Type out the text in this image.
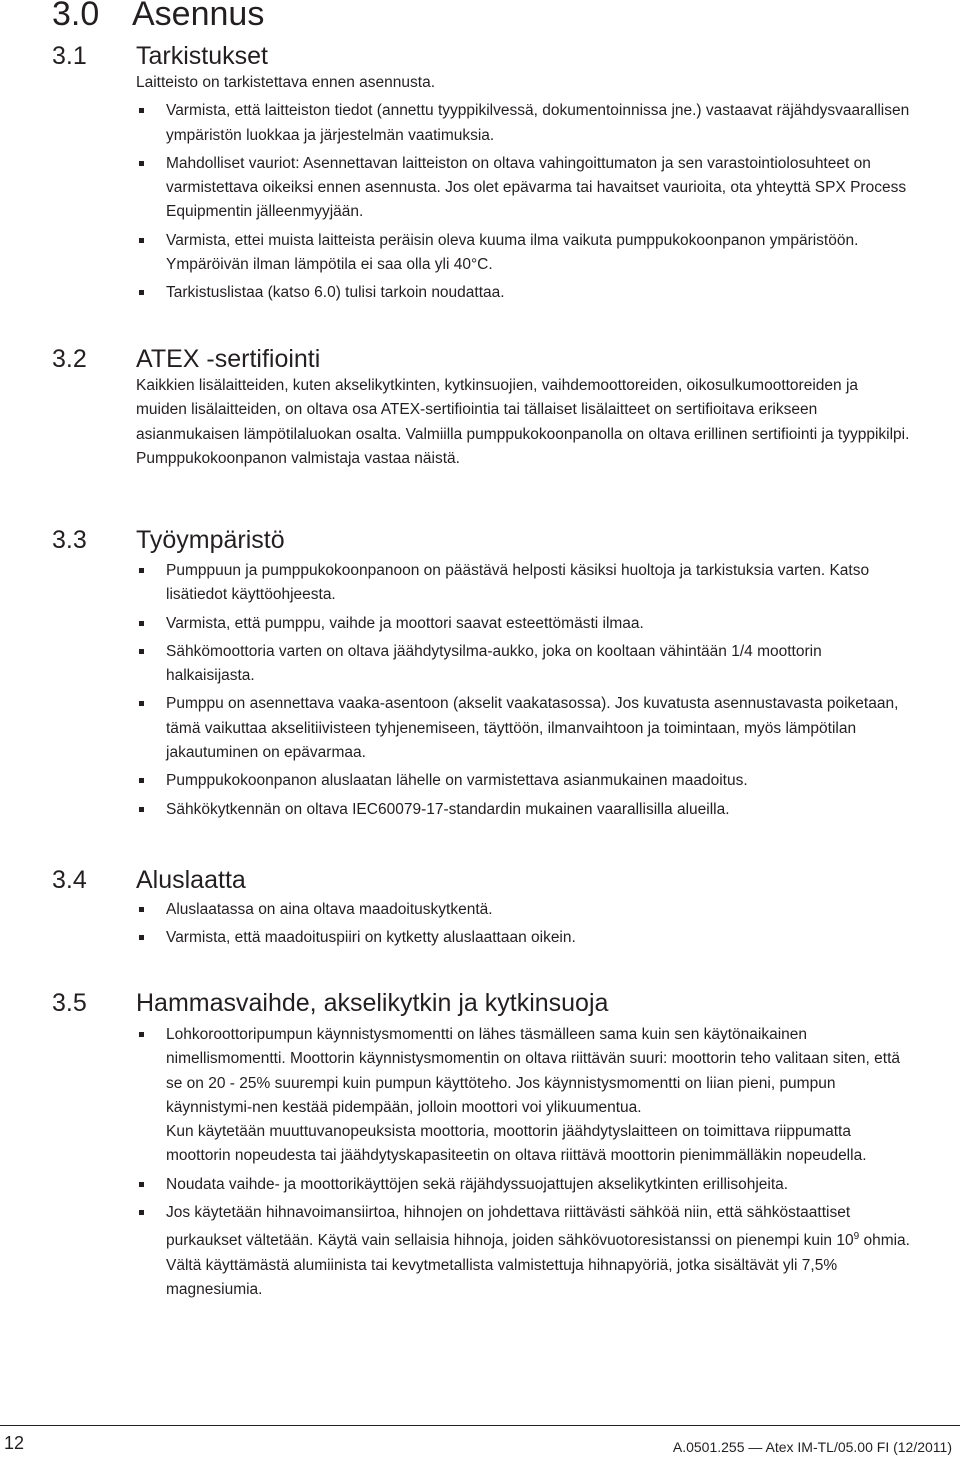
3.0 Asennus
3.1 Tarkistukset

Laitteisto on tarkistettava ennen asennusta.

Varmista, että laitteiston tiedot (annettu tyyppikilvessä, dokumentoinnissa jne.) vastaavat räjähdysvaarallisen ympäristön luokkaa ja järjestelmän vaatimuksia.
Mahdolliset vauriot: Asennettavan laitteiston on oltava vahingoittumaton ja sen varastointiolosuhteet on varmistettava oikeiksi ennen asennusta. Jos olet epävarma tai havaitset vaurioita, ota yhteyttä SPX Process Equipmentin jälleenmyyjään.
Varmista, ettei muista laitteista peräisin oleva kuuma ilma vaikuta pumppukokoonpanon ympäristöön. Ympäröivän ilman lämpötila ei saa olla yli 40°C.
Tarkistuslistaa (katso 6.0) tulisi tarkoin noudattaa.
3.2 ATEX -sertifiointi

Kaikkien lisälaitteiden, kuten akselikytkinten, kytkinsuojien, vaihdemoottoreiden, oikosulkumoottoreiden ja muiden lisälaitteiden, on oltava osa ATEX-sertifiointia tai tällaiset lisälaitteet on sertifioitava erikseen asianmukaisen lämpötilaluokan osalta. Valmiilla pumppukokoonpanolla on oltava erillinen sertifiointi ja tyyppikilpi. Pumppukokoonpanon valmistaja vastaa näistä.

3.3 Työympäristö
Pumppuun ja pumppukokoonpanoon on päästävä helposti käsiksi huoltoja ja tarkistuksia varten. Katso lisätiedot käyttöohjeesta.
Varmista, että pumppu, vaihde ja moottori saavat esteettömästi ilmaa.
Sähkömoottoria varten on oltava jäähdytysilma-aukko, joka on kooltaan vähintään 1/4 moottorin halkaisijasta.
Pumppu on asennettava vaaka-asentoon (akselit vaakatasossa). Jos kuvatusta asennustavasta poiketaan, tämä vaikuttaa akselitiivisteen tyhjenemiseen, täyttöön, ilmanvaihtoon ja toimintaan, myös lämpötilan jakautuminen on epävarmaa.
Pumppukokoonpanon aluslaatan lähelle on varmistettava asianmukainen maadoitus.
Sähkökytkennän on oltava IEC60079-17-standardin mukainen vaarallisilla alueilla.
3.4 Aluslaatta
Aluslaatassa on aina oltava maadoituskytkentä.
Varmista, että maadoituspiiri on kytketty aluslaattaan oikein.
3.5 Hammasvaihde, akselikytkin ja kytkinsuoja
Lohkoroottoripumpun käynnistysmomentti on lähes täsmälleen sama kuin sen käytönaikainen nimellismomentti. Moottorin käynnistysmomentin on oltava riittävän suuri: moottorin teho valitaan siten, että se on 20 - 25% suurempi kuin pumpun käyttöteho. Jos käynnistysmomentti on liian pieni, pumpun käynnistymi-nen kestää pidempään, jolloin moottori voi ylikuumentua.
Kun käytetään muuttuvanopeuksista moottoria, moottorin jäähdytyslaitteen on toimittava riippumatta moottorin nopeudesta tai jäähdytyskapasiteetin on oltava riittävä moottorin pienimmälläkin nopeudella.
Noudata vaihde- ja moottorikäyttöjen sekä räjähdyssuojattujen akselikytkinten erillisohjeita.
Jos käytetään hihnavoimansiirtoa, hihnojen on johdettava riittävästi sähköä niin, että sähköstaattiset purkaukset vältetään. Käytä vain sellaisia hihnoja, joiden sähkövuotoresistanssi on pienempi kuin $10^9$ ohmia. Vältä käyttämästä alumiinista tai kevytmetallista valmistettuja hihnapyöriä, jotka sisältävät yli 7,5% magnesiumia.
12	A.0501.255 — Atex IM-TL/05.00 FI (12/2011)
